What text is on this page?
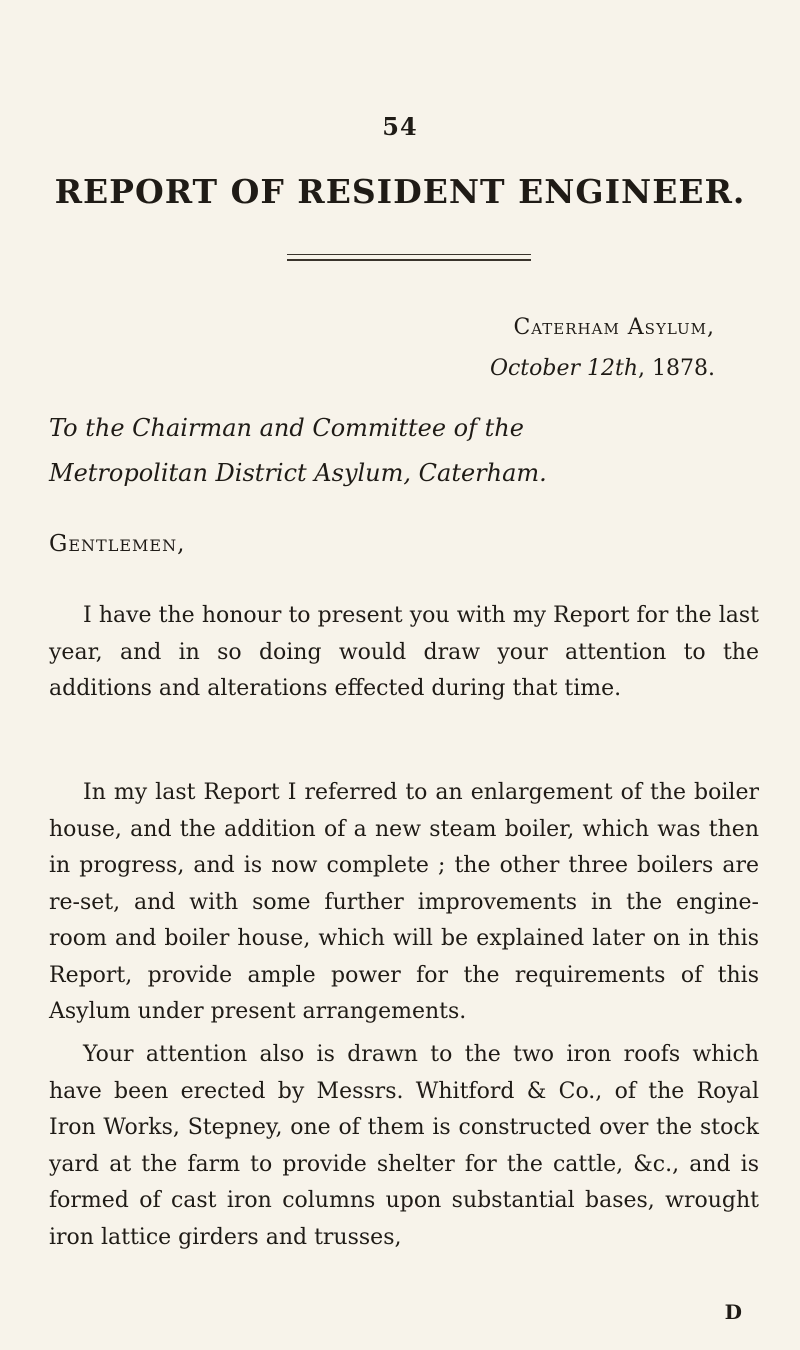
54
REPORT OF RESIDENT ENGINEER.
Caterham Asylum,
October 12th, 1878.
To the Chairman and Committee of the
Metropolitan District Asylum, Caterham.
Gentlemen,

I have the honour to present you with my Report for the last year, and in so doing would draw your attention to the additions and alterations effected during that time.

In my last Report I referred to an enlargement of the boiler house, and the addition of a new steam boiler, which was then in progress, and is now complete ; the other three boilers are re-set, and with some further improvements in the engine-room and boiler house, which will be explained later on in this Report, provide ample power for the requirements of this Asylum under present arrangements.

Your attention also is drawn to the two iron roofs which have been erected by Messrs. Whitford & Co., of the Royal Iron Works, Stepney, one of them is constructed over the stock yard at the farm to provide shelter for the cattle, &c., and is formed of cast iron columns upon substantial bases, wrought iron lattice girders and trusses,

D
